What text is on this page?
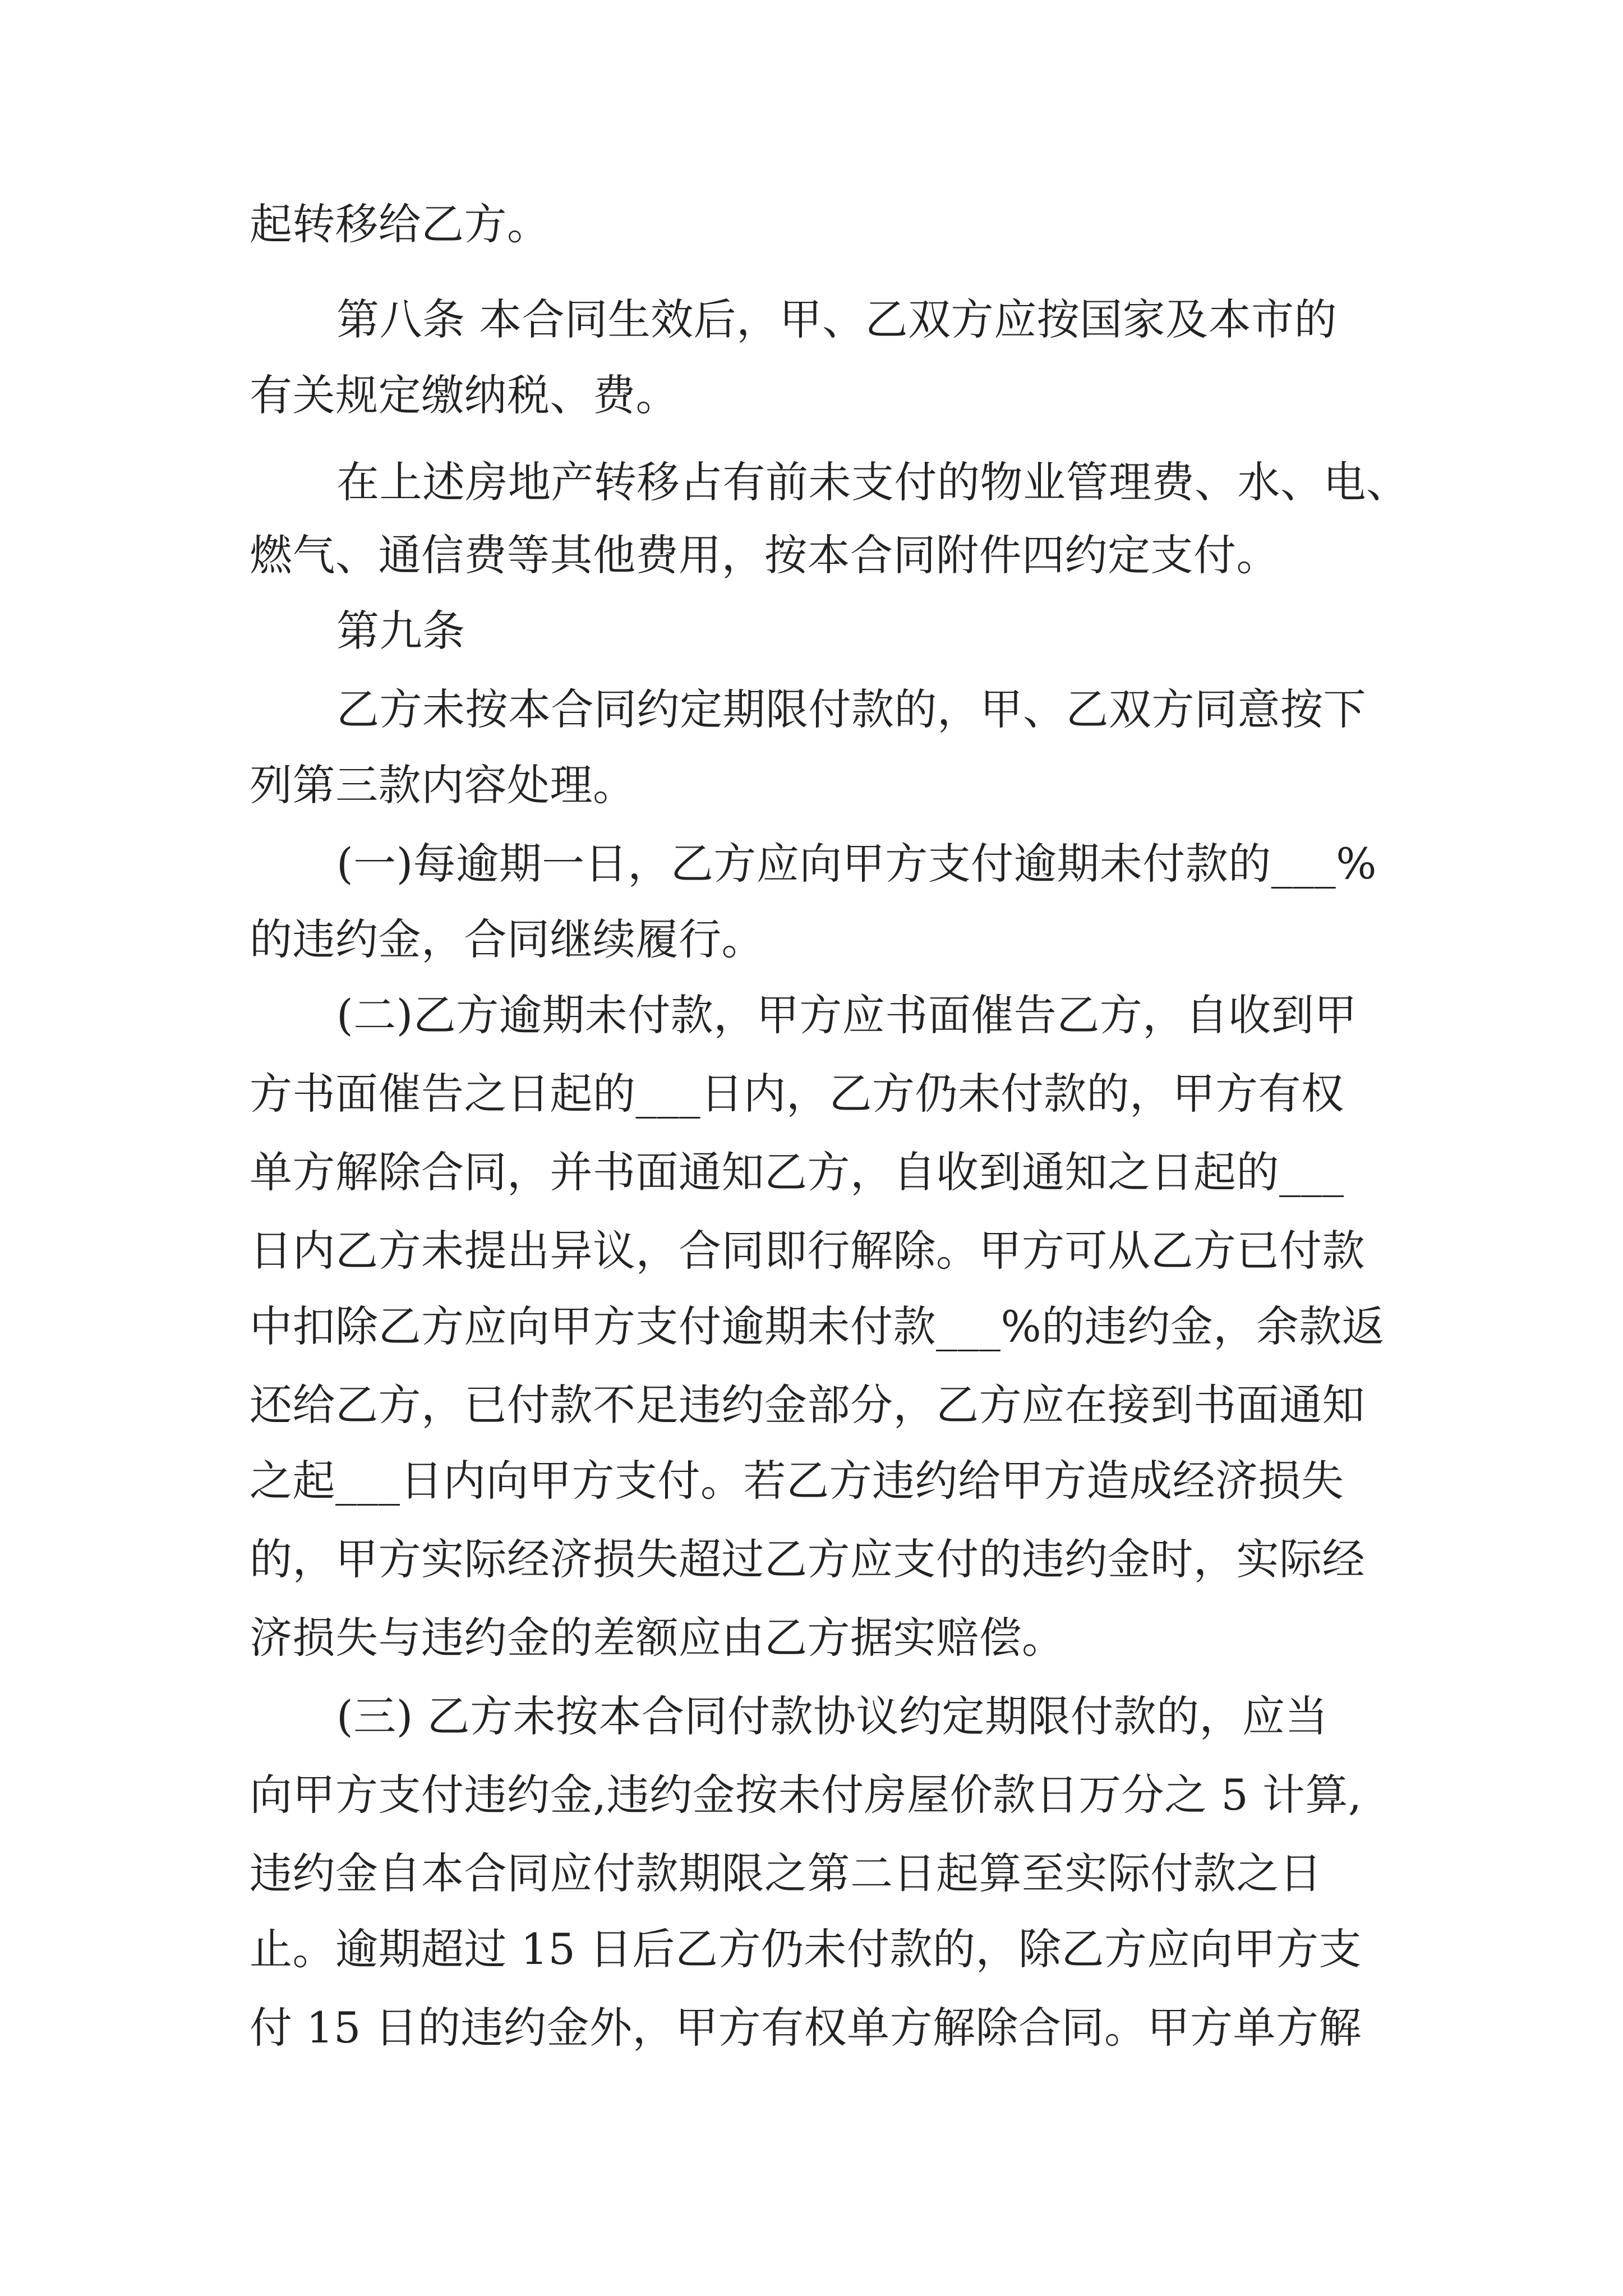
起转移给乙方。
第八条 本合同生效后，甲、乙双方应按国家及本市的
有关规定缴纳税、费。
在上述房地产转移占有前未支付的物业管理费、水、电、
燃气、通信费等其他费用，按本合同附件四约定支付。
第九条
乙方未按本合同约定期限付款的，甲、乙双方同意按下
列第三款内容处理。
(一)每逾期一日，乙方应向甲方支付逾期未付款的___%
的违约金，合同继续履行。
(二)乙方逾期未付款，甲方应书面催告乙方，自收到甲
方书面催告之日起的___日内，乙方仍未付款的，甲方有权
单方解除合同，并书面通知乙方，自收到通知之日起的___
日内乙方未提出异议，合同即行解除。甲方可从乙方已付款
中扣除乙方应向甲方支付逾期未付款___%的违约金，余款返
还给乙方，已付款不足违约金部分，乙方应在接到书面通知
之起___日内向甲方支付。若乙方违约给甲方造成经济损失
的，甲方实际经济损失超过乙方应支付的违约金时，实际经
济损失与违约金的差额应由乙方据实赔偿。
(三) 乙方未按本合同付款协议约定期限付款的，应当
向甲方支付违约金,违约金按未付房屋价款日万分之 5 计算,
违约金自本合同应付款期限之第二日起算至实际付款之日
止。逾期超过 15 日后乙方仍未付款的，除乙方应向甲方支
付 15 日的违约金外，甲方有权单方解除合同。甲方单方解
